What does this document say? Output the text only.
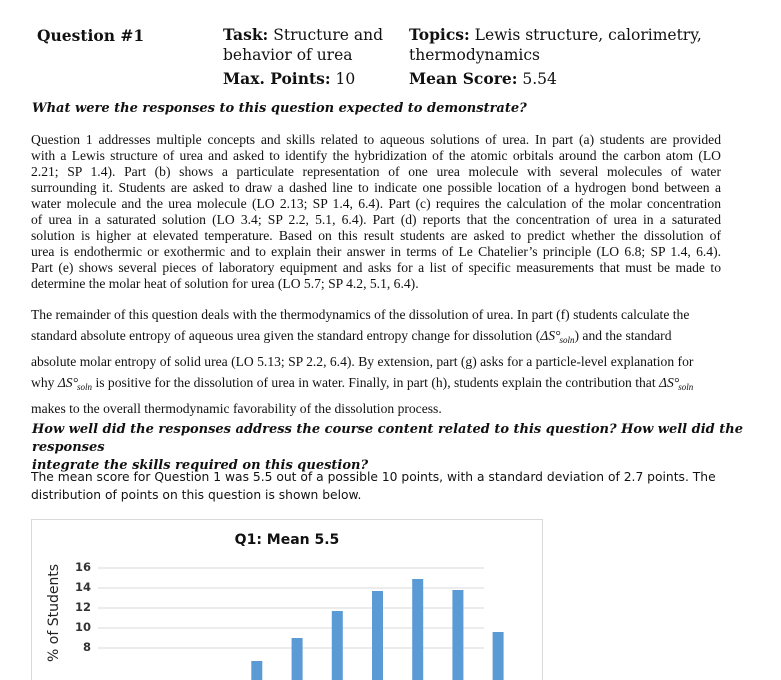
Question #1	Task: Structure and
behavior of urea
Max. Points: 10
Topics: Lewis structure, calorimetry,
thermodynamics
Mean Score: 5.54
What were the responses to this question expected to demonstrate?

Question 1 addresses multiple concepts and skills related to aqueous solutions of urea. In part (a) students are provided
with a Lewis structure of urea and asked to identify the hybridization of the atomic orbitals around the carbon atom (LO
2.21; SP 1.4). Part (b) shows a particulate representation of one urea molecule with several molecules of water
surrounding it. Students are asked to draw a dashed line to indicate one possible location of a hydrogen bond between a
water molecule and the urea molecule (LO 2.13; SP 1.4, 6.4). Part (c) requires the calculation of the molar concentration
of urea in a saturated solution (LO 3.4; SP 2.2, 5.1, 6.4). Part (d) reports that the concentration of urea in a saturated
solution is higher at elevated temperature. Based on this result students are asked to predict whether the dissolution of
urea is endothermic or exothermic and to explain their answer in terms of Le Chatelier’s principle (LO 6.8; SP 1.4, 6.4).
Part (e) shows several pieces of laboratory equipment and asks for a list of specific measurements that must be made to
determine the molar heat of solution for urea (LO 5.7; SP 4.2, 5.1, 6.4).

The remainder of this question deals with the thermodynamics of the dissolution of urea. In part (f) students calculate the
standard absolute entropy of aqueous urea given the standard entropy change for dissolution $(\Delta S^\circ_{soln})$ and the standard
absolute molar entropy of solid urea (LO 5.13; SP 2.2, 6.4). By extension, part (g) asks for a particle-level explanation for
why $\Delta S^\circ_{soln}$ is positive for the dissolution of urea in water. Finally, in part (h), students explain the contribution that $\Delta S^\circ_{soln}$
makes to the overall thermodynamic favorability of the dissolution process.
How well did the responses address the course content related to this question? How well did the responses
integrate the skills required on this question?
The mean score for Question 1 was 5.5 out of a possible 10 points, with a standard deviation of 2.7 points. The
distribution of points on this question is shown below.
Q1: Mean 5.5
% of Students	16
14
12
10
8
